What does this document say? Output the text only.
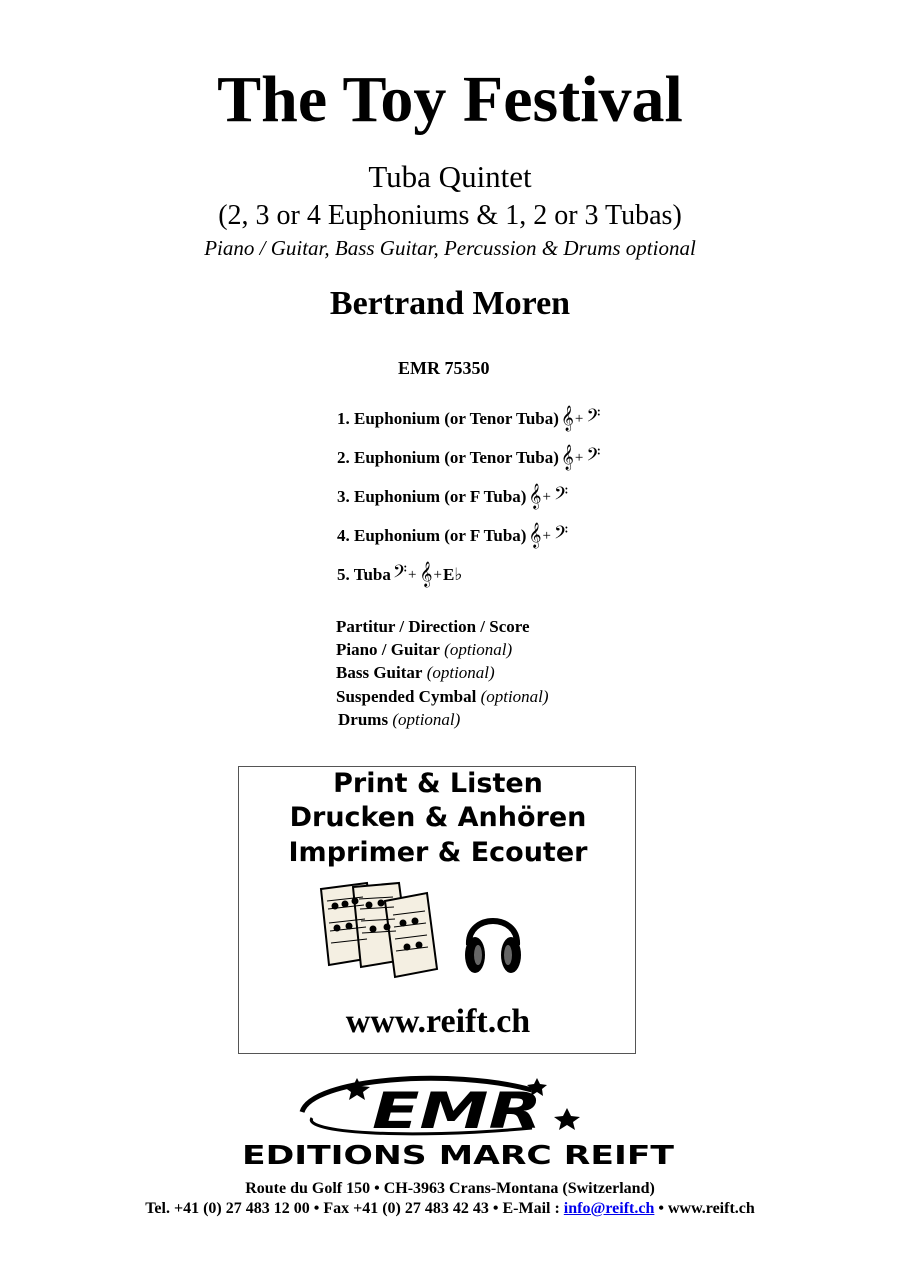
The Toy Festival
Tuba Quintet
(2, 3 or 4 Euphoniums & 1, 2 or 3 Tubas)
Piano / Guitar, Bass Guitar, Percussion & Drums optional
Bertrand Moren
EMR 75350
1. Euphonium (or Tenor Tuba) 𝄞 + 𝄢
2. Euphonium (or Tenor Tuba) 𝄞 + 𝄢
3. Euphonium (or F Tuba) 𝄞 + 𝄢
4. Euphonium (or F Tuba) 𝄞 + 𝄢
5. Tuba 𝄢 + 𝄞 + E♭
Partitur / Direction / Score
Piano / Guitar (optional)
Bass Guitar (optional)
Suspended Cymbal (optional)
Drums (optional)
Print & Listen
Drucken & Anhören
Imprimer & Ecouter
www.reift.ch
EMR
EDITIONS MARC REIFT
Route du Golf 150 • CH-3963 Crans-Montana (Switzerland)
Tel. +41 (0) 27 483 12 00 • Fax +41 (0) 27 483 42 43 • E-Mail : info@reift.ch • www.reift.ch
